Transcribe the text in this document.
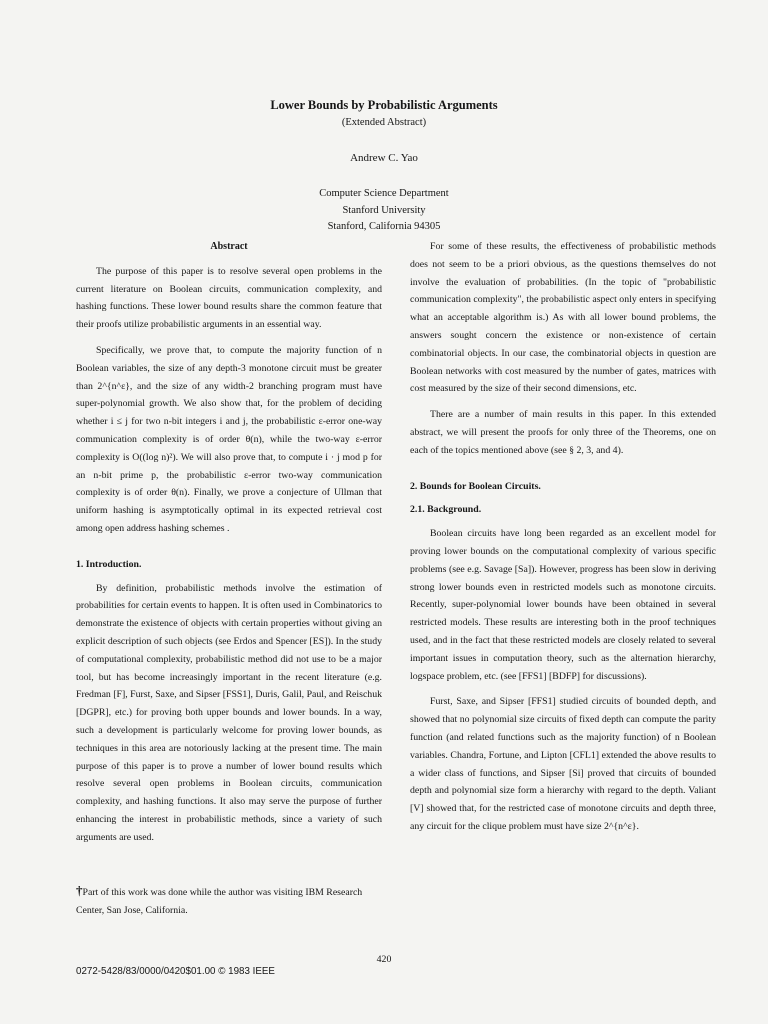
Lower Bounds by Probabilistic Arguments
(Extended Abstract)
Andrew C. Yao
Computer Science Department
Stanford University
Stanford, California 94305
Abstract

The purpose of this paper is to resolve several open problems in the current literature on Boolean circuits, communication complexity, and hashing functions. These lower bound results share the common feature that their proofs utilize probabilistic arguments in an essential way.

Specifically, we prove that, to compute the majority function of n Boolean variables, the size of any depth-3 monotone circuit must be greater than 2^{n^ε}, and the size of any width-2 branching program must have super-polynomial growth. We also show that, for the problem of deciding whether i ≤ j for two n-bit integers i and j, the probabilistic ε-error one-way communication complexity is of order θ(n), while the two-way ε-error complexity is O((log n)²). We will also prove that, to compute i · j mod p for an n-bit prime p, the probabilistic ε-error two-way communication complexity is of order θ(n). Finally, we prove a conjecture of Ullman that uniform hashing is asymptotically optimal in its expected retrieval cost among open address hashing schemes .

1. Introduction.

By definition, probabilistic methods involve the estimation of probabilities for certain events to happen. It is often used in Combinatorics to demonstrate the existence of objects with certain properties without giving an explicit description of such objects (see Erdos and Spencer [ES]). In the study of computational complexity, probabilistic method did not use to be a major tool, but has become increasingly important in the recent literature (e.g. Fredman [F], Furst, Saxe, and Sipser [FSS1], Duris, Galil, Paul, and Reischuk [DGPR], etc.) for proving both upper bounds and lower bounds. In a way, such a development is particularly welcome for proving lower bounds, as techniques in this area are notoriously lacking at the present time. The main purpose of this paper is to prove a number of lower bound results which resolve several open problems in Boolean circuits, communication complexity, and hashing functions. It also may serve the purpose of further enhancing the interest in probabilistic methods, since a variety of such arguments are used.

For some of these results, the effectiveness of probabilistic methods does not seem to be a priori obvious, as the questions themselves do not involve the evaluation of probabilities. (In the topic of "probabilistic communication complexity", the probabilistic aspect only enters in specifying what an acceptable algorithm is.) As with all lower bound problems, the answers sought concern the existence or non-existence of certain combinatorial objects. In our case, the combinatorial objects in question are Boolean networks with cost measured by the number of gates, matrices with cost measured by the size of their second dimensions, etc.

There are a number of main results in this paper. In this extended abstract, we will present the proofs for only three of the Theorems, one on each of the topics mentioned above (see § 2, 3, and 4).

2. Bounds for Boolean Circuits.
2.1. Background.

Boolean circuits have long been regarded as an excellent model for proving lower bounds on the computational complexity of various specific problems (see e.g. Savage [Sa]). However, progress has been slow in deriving strong lower bounds even in restricted models such as monotone circuits. Recently, super-polynomial lower bounds have been obtained in several restricted models. These results are interesting both in the proof techniques used, and in the fact that these restricted models are closely related to several important issues in computation theory, such as the alternation hierarchy, logspace problem, etc. (see [FFS1] [BDFP] for discussions).

Furst, Saxe, and Sipser [FFS1] studied circuits of bounded depth, and showed that no polynomial size circuits of fixed depth can compute the parity function (and related functions such as the majority function) of n Boolean variables. Chandra, Fortune, and Lipton [CFL1] extended the above results to a wider class of functions, and Sipser [Si] proved that circuits of bounded depth and polynomial size form a hierarchy with regard to the depth. Valiant [V] showed that, for the restricted case of monotone circuits and depth three, any circuit for the clique problem must have size 2^{n^ε}.

†Part of this work was done while the author was visiting IBM Research Center, San Jose, California.
420
0272-5428/83/0000/0420$01.00 © 1983 IEEE
